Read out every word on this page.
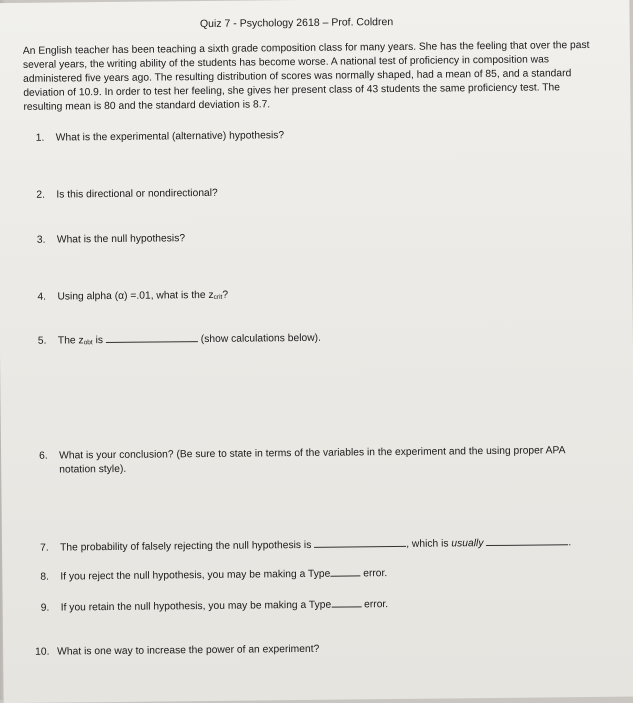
Quiz 7 - Psychology 2618 – Prof. Coldren
An English teacher has been teaching a sixth grade composition class for many years. She has the feeling that over the past several years, the writing ability of the students has become worse. A national test of proficiency in composition was administered five years ago. The resulting distribution of scores was normally shaped, had a mean of 85, and a standard deviation of 10.9. In order to test her feeling, she gives her present class of 43 students the same proficiency test. The resulting mean is 80 and the standard deviation is 8.7.
1. What is the experimental (alternative) hypothesis?
2. Is this directional or nondirectional?
3. What is the null hypothesis?
4. Using alpha (α) =.01, what is the $z_{crit}$?
5. The $z_{obt}$ is	(show calculations below).
6. What is your conclusion? (Be sure to state in terms of the variables in the experiment and the using proper APA
notation style).
7. The probability of falsely rejecting the null hypothesis is	, which is usually	.
8. If you reject the null hypothesis, you may be making a Type	error.
9. If you retain the null hypothesis, you may be making a Type	error.
10. What is one way to increase the power of an experiment?
